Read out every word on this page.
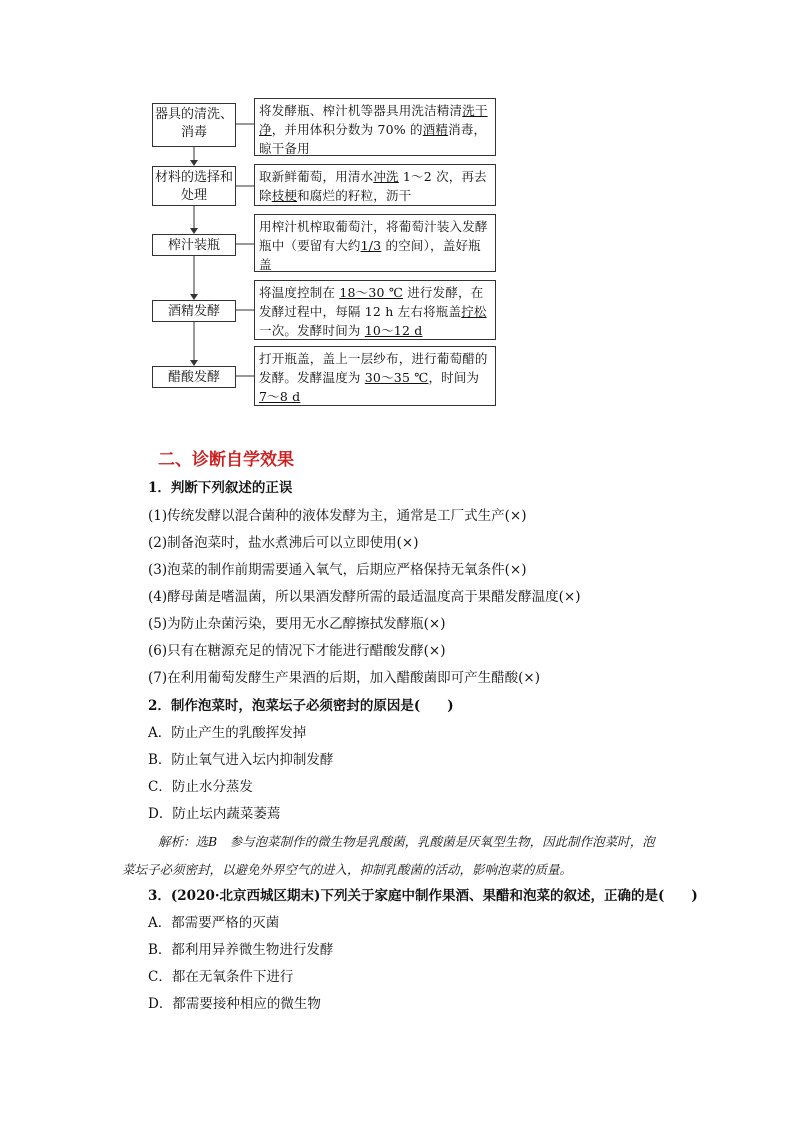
器具的清洗、消毒
将发酵瓶、榨汁机等器具用洗洁精清洗干净，并用体积分数为 70% 的酒精消毒，晾干备用
材料的选择和处理
取新鲜葡萄，用清水冲洗 1～2 次，再去除枝梗和腐烂的籽粒，沥干
榨汁装瓶
用榨汁机榨取葡萄汁，将葡萄汁装入发酵瓶中（要留有大约1/3 的空间），盖好瓶盖
酒精发酵
将温度控制在 18～30 ℃ 进行发酵，在发酵过程中，每隔 12 h 左右将瓶盖拧松一次。发酵时间为 10～12 d
醋酸发酵
打开瓶盖，盖上一层纱布，进行葡萄醋的发酵。发酵温度为 30～35 ℃，时间为 7～8 d
二、诊断自学效果
1．判断下列叙述的正误
(1)传统发酵以混合菌种的液体发酵为主，通常是工厂式生产(×)
(2)制备泡菜时，盐水煮沸后可以立即使用(×)
(3)泡菜的制作前期需要通入氧气，后期应严格保持无氧条件(×)
(4)酵母菌是嗜温菌，所以果酒发酵所需的最适温度高于果醋发酵温度(×)
(5)为防止杂菌污染，要用无水乙醇擦拭发酵瓶(×)
(6)只有在糖源充足的情况下才能进行醋酸发酵(×)
(7)在利用葡萄发酵生产果酒的后期，加入醋酸菌即可产生醋酸(×)
2．制作泡菜时，泡菜坛子必须密封的原因是(　　)
A．防止产生的乳酸挥发掉
B．防止氧气进入坛内抑制发酵
C．防止水分蒸发
D．防止坛内蔬菜萎蔫
解析：选B　参与泡菜制作的微生物是乳酸菌，乳酸菌是厌氧型生物，因此制作泡菜时，泡菜坛子必须密封，以避免外界空气的进入，抑制乳酸菌的活动，影响泡菜的质量。
3．(2020·北京西城区期末)下列关于家庭中制作果酒、果醋和泡菜的叙述，正确的是(　　)
A．都需要严格的灭菌
B．都利用异养微生物进行发酵
C．都在无氧条件下进行
D．都需要接种相应的微生物
